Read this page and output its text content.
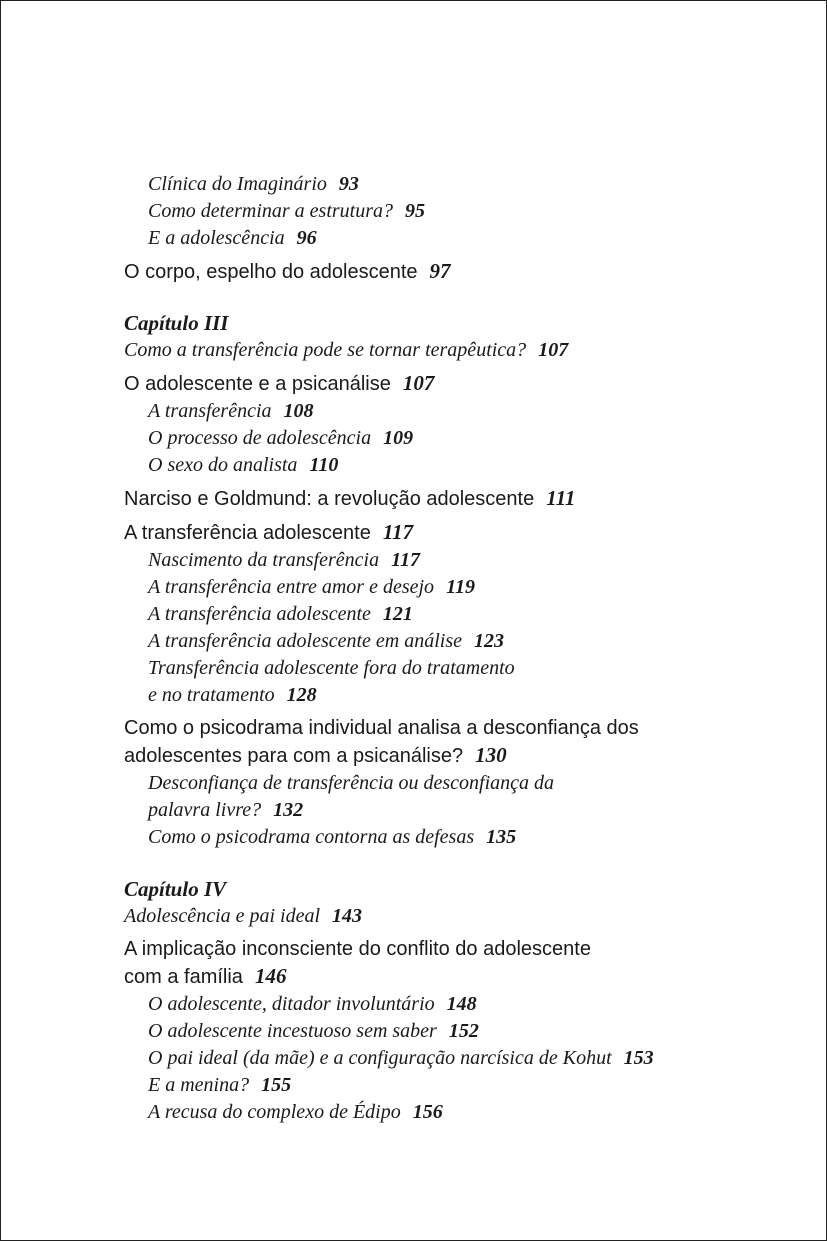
Clínica do Imaginário 93
Como determinar a estrutura? 95
E a adolescência 96
O corpo, espelho do adolescente 97
Capítulo III
Como a transferência pode se tornar terapêutica? 107
O adolescente e a psicanálise 107
A transferência 108
O processo de adolescência 109
O sexo do analista 110
Narciso e Goldmund: a revolução adolescente 111
A transferência adolescente 117
Nascimento da transferência 117
A transferência entre amor e desejo 119
A transferência adolescente 121
A transferência adolescente em análise 123
Transferência adolescente fora do tratamento
e no tratamento 128
Como o psicodrama individual analisa a desconfiança dos
adolescentes para com a psicanálise? 130
Desconfiança de transferência ou desconfiança da
palavra livre? 132
Como o psicodrama contorna as defesas 135
Capítulo IV
Adolescência e pai ideal 143
A implicação inconsciente do conflito do adolescente
com a família 146
O adolescente, ditador involuntário 148
O adolescente incestuoso sem saber 152
O pai ideal (da mãe) e a configuração narcísica de Kohut 153
E a menina? 155
A recusa do complexo de Édipo 156
